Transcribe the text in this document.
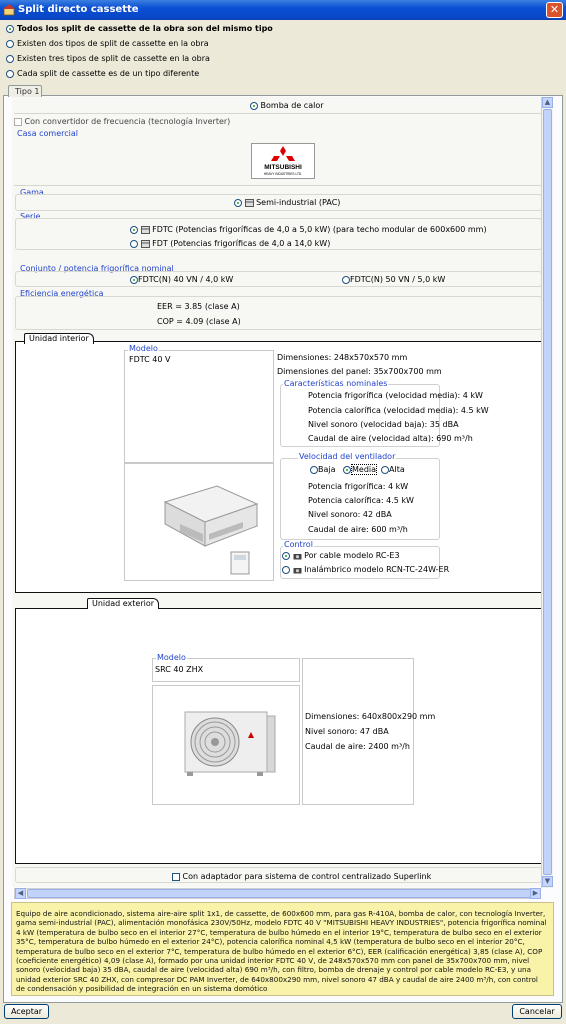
Split directo cassette	✕
Todos los split de cassette de la obra son del mismo tipo
Existen dos tipos de split de cassette en la obra
Existen tres tipos de split de cassette en la obra
Cada split de cassette es de un tipo diferente
Tipo 1
Bomba de calor
Con convertidor de frecuencia (tecnología Inverter)
Casa comercial
Gama
Semi-industrial (PAC)
Serie
FDTC (Potencias frigoríficas de 4,0 a 5,0 kW) (para techo modular de 600x600 mm)
FDT (Potencias frigoríficas de 4,0 a 14,0 kW)
Conjunto / potencia frigorífica nominal
FDTC(N) 40 VN / 4,0 kW	FDTC(N) 50 VN / 5,0 kW
Eficiencia energética
EER = 3.85 (clase A)
COP = 4.09 (clase A)
Unidad interior
Modelo
FDTC 40 V	Dimensiones: 248x570x570 mm
Dimensiones del panel: 35x700x700 mm
Características nominales
Potencia frigorífica (velocidad media): 4 kW
Potencia calorífica (velocidad media): 4.5 kW
Nivel sonoro (velocidad baja): 35 dBA
Caudal de aire (velocidad alta): 690 m³/h
Velocidad del ventilador
Baja	Media	Alta
Potencia frigorífica: 4 kW
Potencia calorífica: 4.5 kW
Nivel sonoro: 42 dBA
Caudal de aire: 600 m³/h
Control
Por cable modelo RC-E3
Inalámbrico modelo RCN-TC-24W-ER
Unidad exterior
Modelo
SRC 40 ZHX
Dimensiones: 640x800x290 mm
Nivel sonoro: 47 dBA
Caudal de aire: 2400 m³/h
Con adaptador para sistema de control centralizado Superlink
MITSUBISHI
HEAVY INDUSTRIES LTD.
▲
▼
◀	▶
Equipo de aire acondicionado, sistema aire-aire split 1x1, de cassette, de 600x600 mm, para gas R-410A, bomba de calor, con tecnología Inverter, gama semi-industrial (PAC), alimentación monofásica 230V/50Hz, modelo FDTC 40 V "MITSUBISHI HEAVY INDUSTRIES", potencia frigorífica nominal 4 kW (temperatura de bulbo seco en el interior 27°C, temperatura de bulbo húmedo en el interior 19°C, temperatura de bulbo seco en el exterior 35°C, temperatura de bulbo húmedo en el exterior 24°C), potencia calorífica nominal 4,5 kW (temperatura de bulbo seco en el interior 20°C, temperatura de bulbo seco en el exterior 7°C, temperatura de bulbo húmedo en el exterior 6°C), EER (calificación energética) 3,85 (clase A), COP (coeficiente energético) 4,09 (clase A), formado por una unidad interior FDTC 40 V, de 248x570x570 mm con panel de 35x700x700 mm, nivel sonoro (velocidad baja) 35 dBA, caudal de aire (velocidad alta) 690 m³/h, con filtro, bomba de drenaje y control por cable modelo RC-E3, y una unidad exterior SRC 40 ZHX, con compresor DC PAM Inverter, de 640x800x290 mm, nivel sonoro 47 dBA y caudal de aire 2400 m³/h, con control de condensación y posibilidad de integración en un sistema domótico
Aceptar	Cancelar
